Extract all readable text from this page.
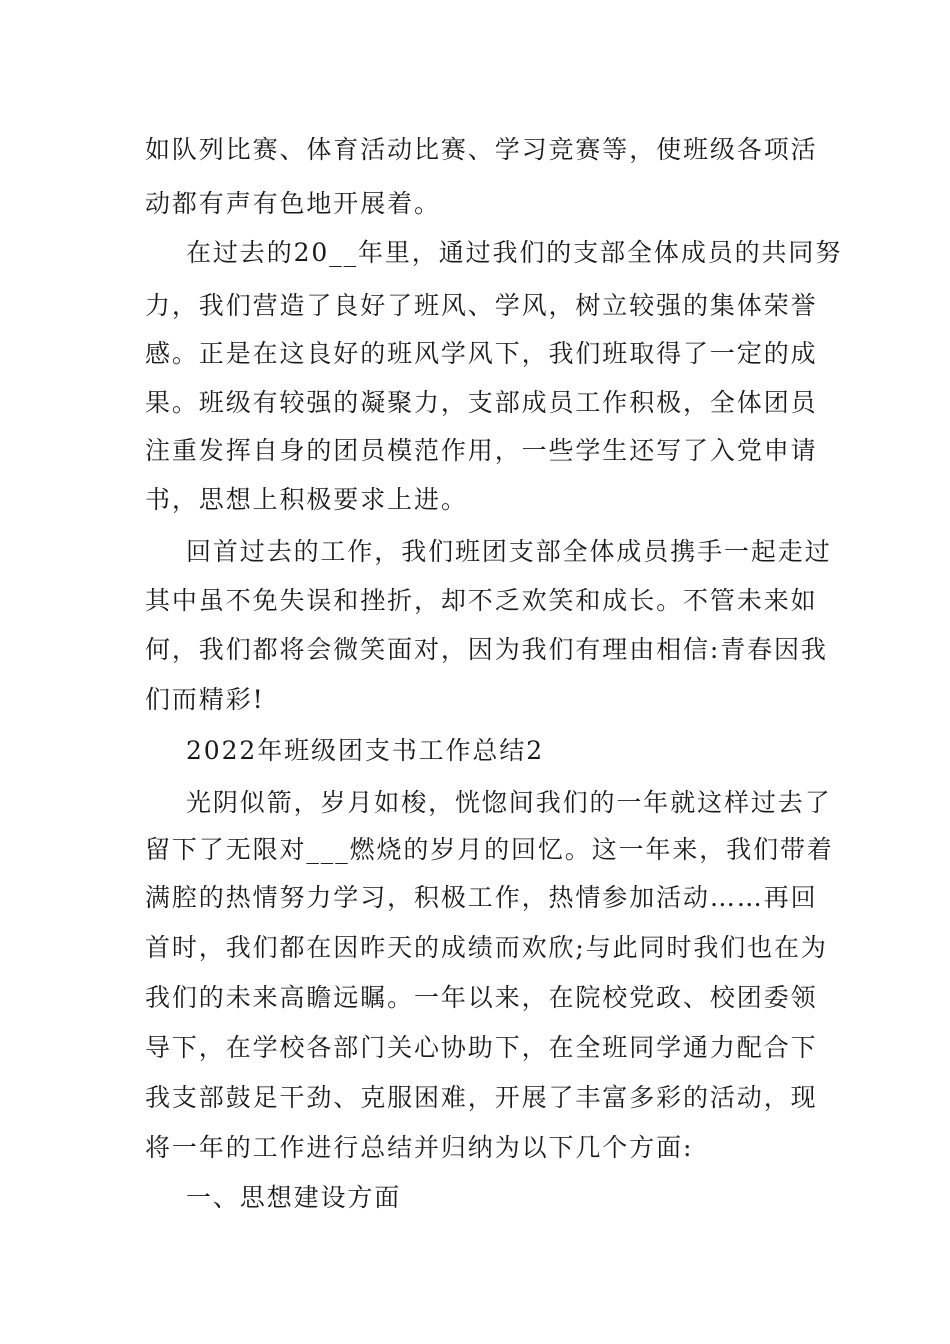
如队列比赛、体育活动比赛、学习竞赛等，使班级各项活

动都有声有色地开展着。

在过去的20__年里，通过我们的支部全体成员的共同努

力，我们营造了良好了班风、学风，树立较强的集体荣誉

感。正是在这良好的班风学风下，我们班取得了一定的成

果。班级有较强的凝聚力，支部成员工作积极，全体团员

注重发挥自身的团员模范作用，一些学生还写了入党申请

书，思想上积极要求上进。

回首过去的工作，我们班团支部全体成员携手一起走过

其中虽不免失误和挫折，却不乏欢笑和成长。不管未来如

何，我们都将会微笑面对，因为我们有理由相信:青春因我

们而精彩!

2022年班级团支书工作总结2

光阴似箭，岁月如梭，恍惚间我们的一年就这样过去了

留下了无限对___燃烧的岁月的回忆。这一年来，我们带着

满腔的热情努力学习，积极工作，热情参加活动……再回

首时，我们都在因昨天的成绩而欢欣;与此同时我们也在为

我们的未来高瞻远瞩。一年以来，在院校党政、校团委领

导下，在学校各部门关心协助下，在全班同学通力配合下

我支部鼓足干劲、克服困难，开展了丰富多彩的活动，现

将一年的工作进行总结并归纳为以下几个方面:

一、思想建设方面
